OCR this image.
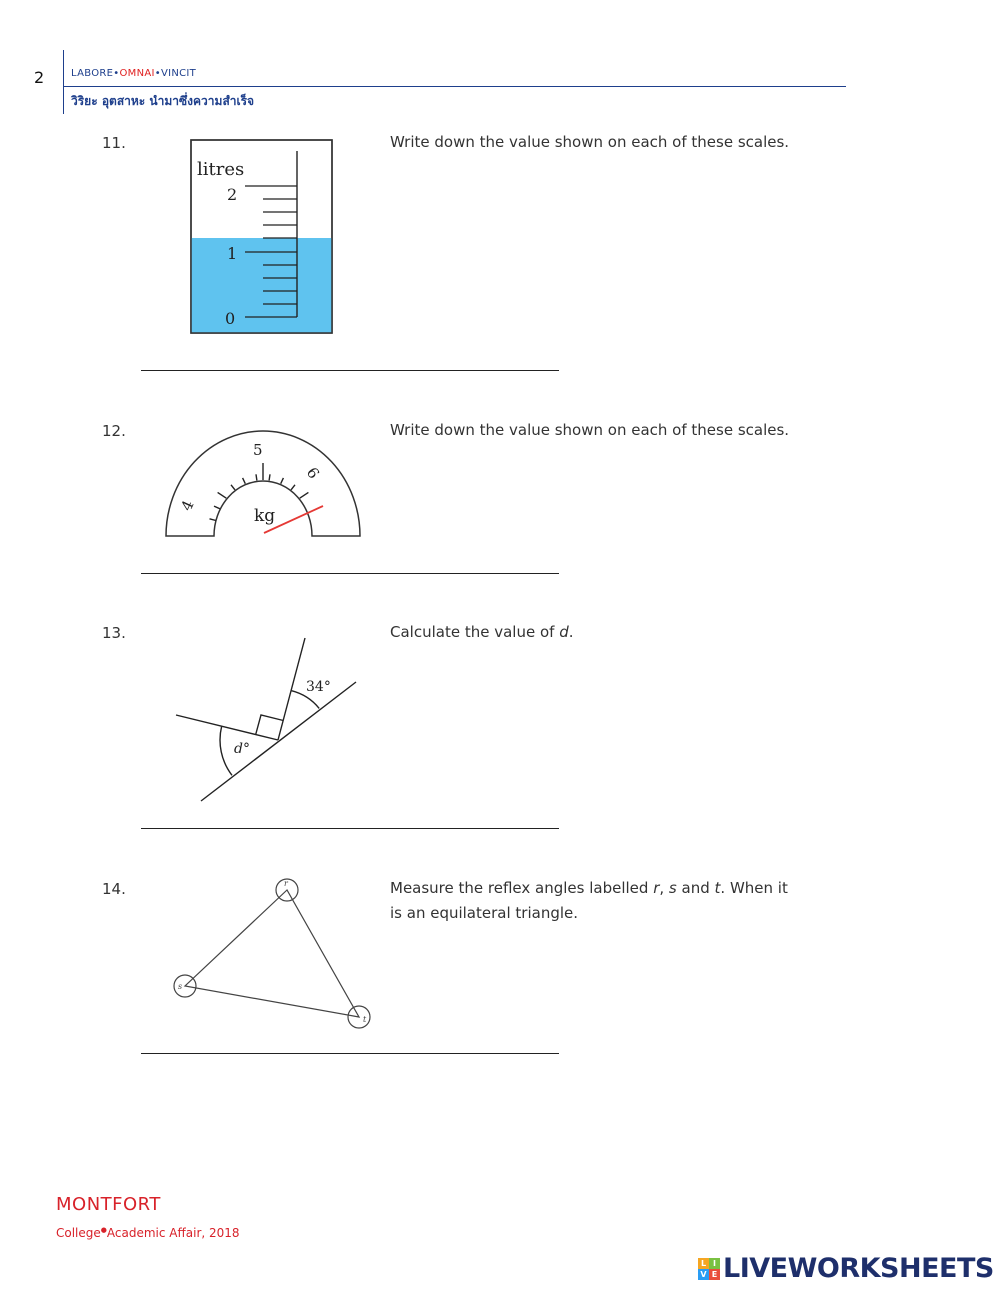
2	LABORE•OMNAI•VINCIT
วิริยะ อุตสาหะ นำมาซึ่งความสำเร็จ
11.	Write down the value shown on each of these scales.
litres
2
1
0
12.	Write down the value shown on each of these scales.
5
4
6
kg
13.	Calculate the value of d.
34°
d°
14.	Measure the reflex angles labelled r, s and t. When it is an equilateral triangle.
r
s
t
MONTFORT
College●Academic Affair, 2018
L I
V E LIVEWORKSHEETS
